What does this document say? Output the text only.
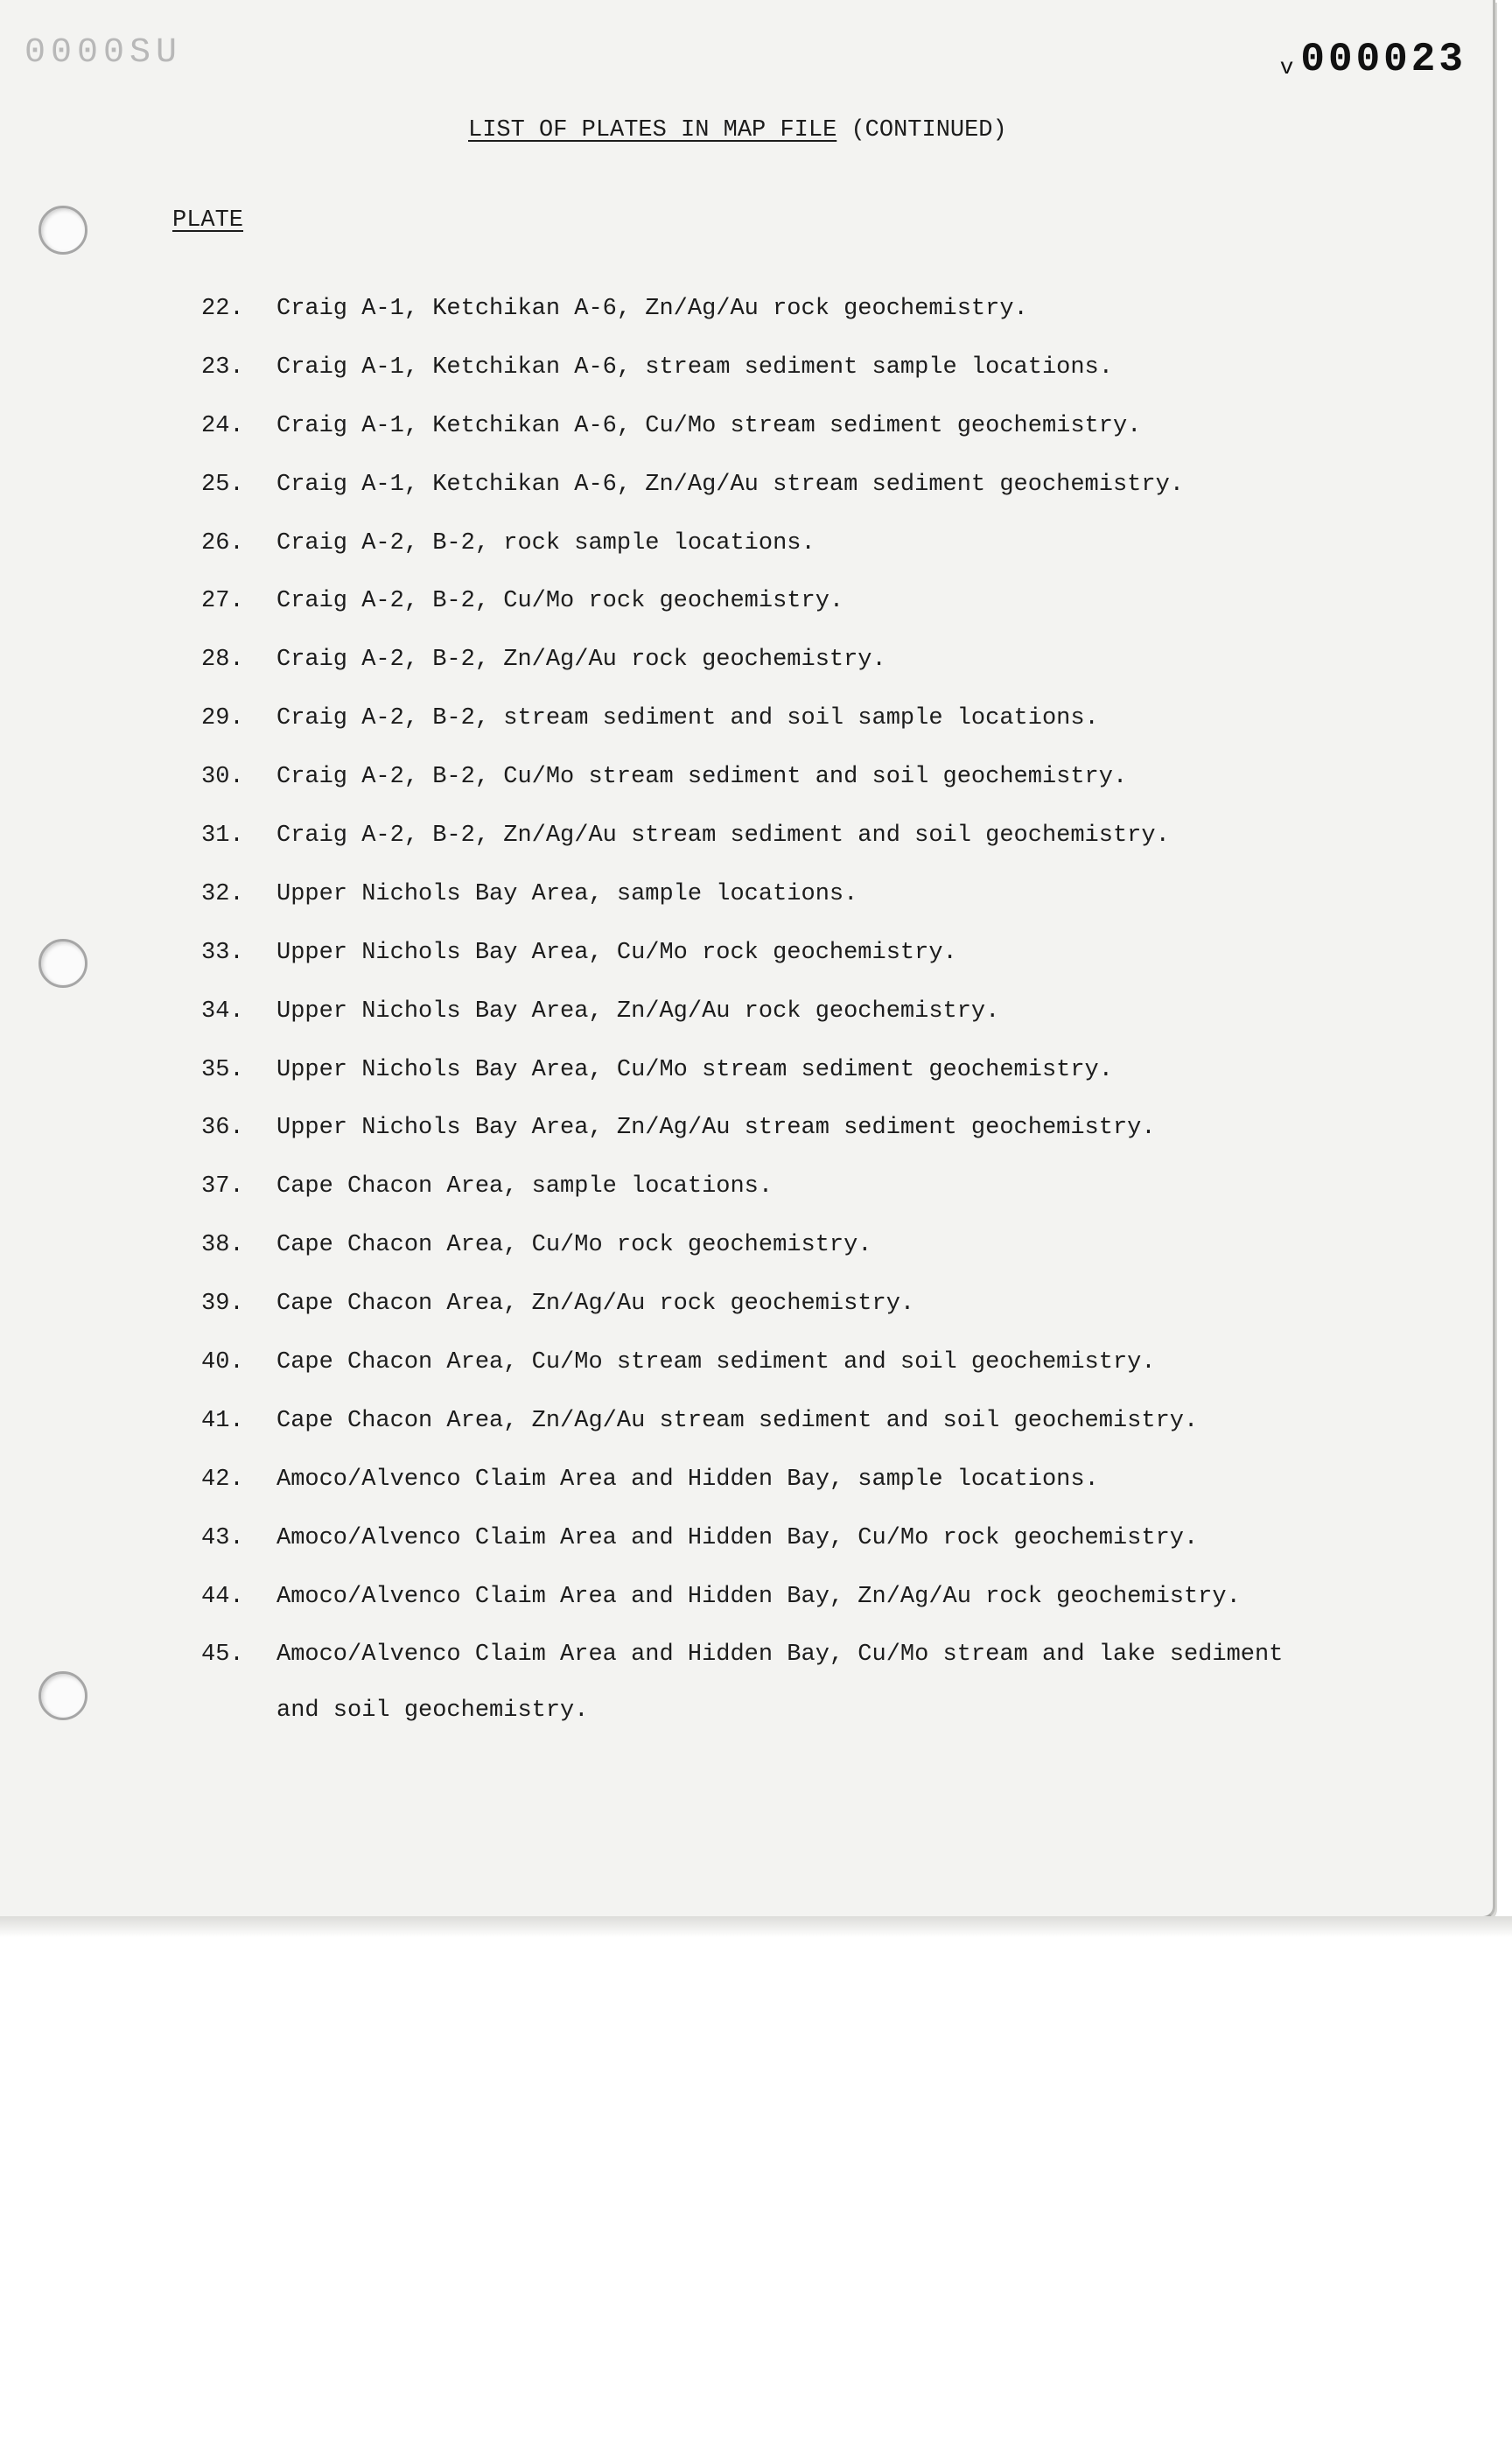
0000SU	v 000023
LIST OF PLATES IN MAP FILE (CONTINUED)
PLATE
22. Craig A-1, Ketchikan A-6, Zn/Ag/Au rock geochemistry.
23. Craig A-1, Ketchikan A-6, stream sediment sample locations.
24. Craig A-1, Ketchikan A-6, Cu/Mo stream sediment geochemistry.
25. Craig A-1, Ketchikan A-6, Zn/Ag/Au stream sediment geochemistry.
26. Craig A-2, B-2, rock sample locations.
27. Craig A-2, B-2, Cu/Mo rock geochemistry.
28. Craig A-2, B-2, Zn/Ag/Au rock geochemistry.
29. Craig A-2, B-2, stream sediment and soil sample locations.
30. Craig A-2, B-2, Cu/Mo stream sediment and soil geochemistry.
31. Craig A-2, B-2, Zn/Ag/Au stream sediment and soil geochemistry.
32. Upper Nichols Bay Area, sample locations.
33. Upper Nichols Bay Area, Cu/Mo rock geochemistry.
34. Upper Nichols Bay Area, Zn/Ag/Au rock geochemistry.
35. Upper Nichols Bay Area, Cu/Mo stream sediment geochemistry.
36. Upper Nichols Bay Area, Zn/Ag/Au stream sediment geochemistry.
37. Cape Chacon Area, sample locations.
38. Cape Chacon Area, Cu/Mo rock geochemistry.
39. Cape Chacon Area, Zn/Ag/Au rock geochemistry.
40. Cape Chacon Area, Cu/Mo stream sediment and soil geochemistry.
41. Cape Chacon Area, Zn/Ag/Au stream sediment and soil geochemistry.
42. Amoco/Alvenco Claim Area and Hidden Bay, sample locations.
43. Amoco/Alvenco Claim Area and Hidden Bay, Cu/Mo rock geochemistry.
44. Amoco/Alvenco Claim Area and Hidden Bay, Zn/Ag/Au rock geochemistry.
45. Amoco/Alvenco Claim Area and Hidden Bay, Cu/Mo stream and lake sediment
and soil geochemistry.
